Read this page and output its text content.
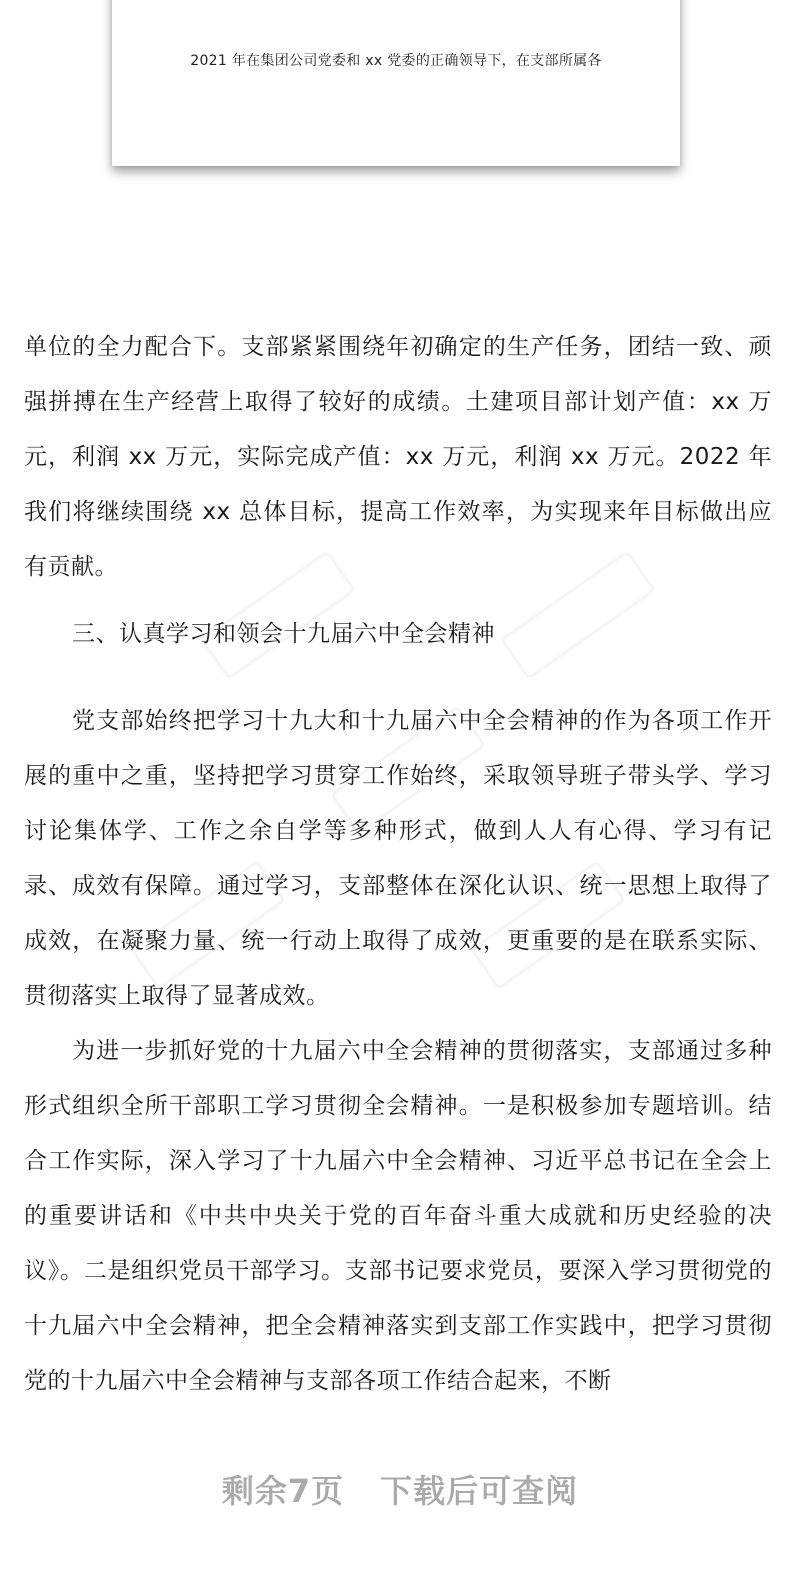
2021 年在集团公司党委和 xx 党委的正确领导下，在支部所属各

单位的全力配合下。支部紧紧围绕年初确定的生产任务，团结一致、顽强拼搏在生产经营上取得了较好的成绩。土建项目部计划产值：xx 万元，利润 xx 万元，实际完成产值：xx 万元，利润 xx 万元。2022 年我们将继续围绕 xx 总体目标，提高工作效率，为实现来年目标做出应有贡献。

三、认真学习和领会十九届六中全会精神

党支部始终把学习十九大和十九届六中全会精神的作为各项工作开展的重中之重，坚持把学习贯穿工作始终，采取领导班子带头学、学习讨论集体学、工作之余自学等多种形式，做到人人有心得、学习有记录、成效有保障。通过学习，支部整体在深化认识、统一思想上取得了成效，在凝聚力量、统一行动上取得了成效，更重要的是在联系实际、贯彻落实上取得了显著成效。

为进一步抓好党的十九届六中全会精神的贯彻落实，支部通过多种形式组织全所干部职工学习贯彻全会精神。一是积极参加专题培训。结合工作实际，深入学习了十九届六中全会精神、习近平总书记在全会上的重要讲话和《中共中央关于党的百年奋斗重大成就和历史经验的决议》。二是组织党员干部学习。支部书记要求党员，要深入学习贯彻党的十九届六中全会精神，把全会精神落实到支部工作实践中，把学习贯彻党的十九届六中全会精神与支部各项工作结合起来，不断

剩余7页 下载后可查阅
